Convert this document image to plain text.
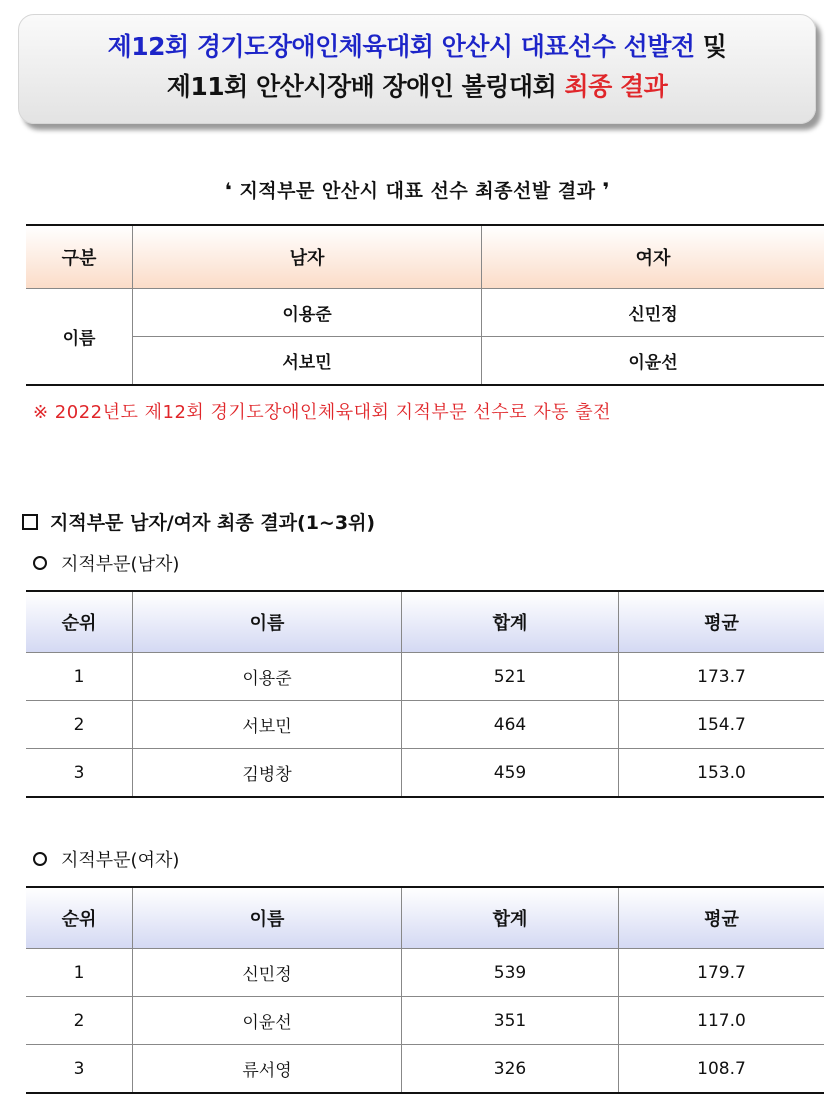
제12회 경기도장애인체육대회 안산시 대표선수 선발전 및
제11회 안산시장배 장애인 볼링대회 최종 결과
❛ 지적부문 안산시 대표 선수 최종선발 결과 ❜
구분	남자	여자
이름	이용준	신민정
	서보민	이윤선
※ 2022년도 제12회 경기도장애인체육대회 지적부문 선수로 자동 출전
지적부문 남자/여자 최종 결과(1~3위)
지적부문(남자)
순위	이름	합계	평균
1	이용준	521	173.7
2	서보민	464	154.7
3	김병창	459	153.0
지적부문(여자)
순위	이름	합계	평균
1	신민정	539	179.7
2	이윤선	351	117.0
3	류서영	326	108.7
